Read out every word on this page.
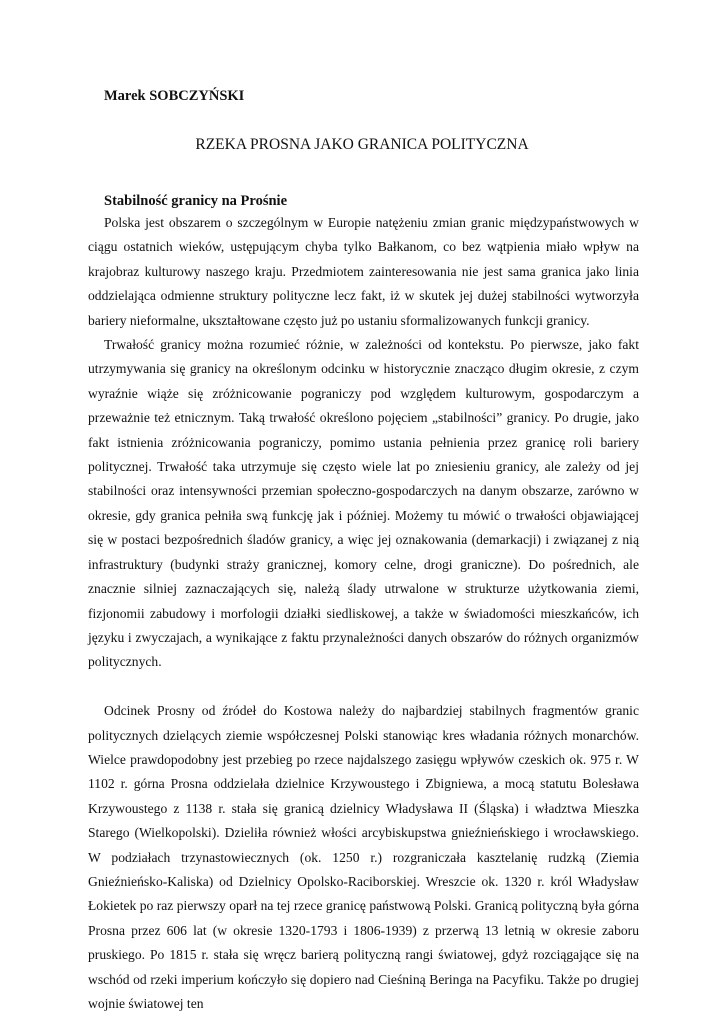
Marek SOBCZYŃSKI
RZEKA PROSNA JAKO GRANICA POLITYCZNA
Stabilność granicy na Prośnie

Polska jest obszarem o szczególnym w Europie natężeniu zmian granic międzypaństwowych w ciągu ostatnich wieków, ustępującym chyba tylko Bałkanom, co bez wątpienia miało wpływ na krajobraz kulturowy naszego kraju. Przedmiotem zainteresowania nie jest sama granica jako linia oddzielająca odmienne struktury polityczne lecz fakt, iż w skutek jej dużej stabilności wytworzyła bariery nieformalne, ukształtowane często już po ustaniu sformalizowanych funkcji granicy.

Trwałość granicy można rozumieć różnie, w zależności od kontekstu. Po pierwsze, jako fakt utrzymywania się granicy na określonym odcinku w historycznie znacząco długim okresie, z czym wyraźnie wiąże się zróżnicowanie pograniczy pod względem kulturowym, gospodarczym a przeważnie też etnicznym. Taką trwałość określono pojęciem „stabilności” granicy. Po drugie, jako fakt istnienia zróżnicowania pograniczy, pomimo ustania pełnienia przez granicę roli bariery politycznej. Trwałość taka utrzymuje się często wiele lat po zniesieniu granicy, ale zależy od jej stabilności oraz intensywności przemian społeczno-gospodarczych na danym obszarze, zarówno w okresie, gdy granica pełniła swą funkcję jak i później. Możemy tu mówić o trwałości objawiającej się w postaci bezpośrednich śladów granicy, a więc jej oznakowania (demarkacji) i związanej z nią infrastruktury (budynki straży granicznej, komory celne, drogi graniczne). Do pośrednich, ale znacznie silniej zaznaczających się, należą ślady utrwalone w strukturze użytkowania ziemi, fizjonomii zabudowy i morfologii działki siedliskowej, a także w świadomości mieszkańców, ich języku i zwyczajach, a wynikające z faktu przynależności danych obszarów do różnych organizmów politycznych.

Odcinek Prosny od źródeł do Kostowa należy do najbardziej stabilnych fragmentów granic politycznych dzielących ziemie współczesnej Polski stanowiąc kres władania różnych monarchów. Wielce prawdopodobny jest przebieg po rzece najdalszego zasięgu wpływów czeskich ok. 975 r. W 1102 r. górna Prosna oddzielała dzielnice Krzywoustego i Zbigniewa, a mocą statutu Bolesława Krzywoustego z 1138 r. stała się granicą dzielnicy Władysława II (Śląska) i władztwa Mieszka Starego (Wielkopolski). Dzieliła również włości arcybiskupstwa gnieźnieńskiego i wrocławskiego. W podziałach trzynastowiecznych (ok. 1250 r.) rozgraniczała kasztelanię rudzką (Ziemia Gnieźnieńsko-Kaliska) od Dzielnicy Opolsko-Raciborskiej. Wreszcie ok. 1320 r. król Władysław Łokietek po raz pierwszy oparł na tej rzece granicę państwową Polski. Granicą polityczną była górna Prosna przez 606 lat (w okresie 1320-1793 i 1806-1939) z przerwą 13 letnią w okresie zaboru pruskiego. Po 1815 r. stała się wręcz barierą polityczną rangi światowej, gdyż rozciągające się na wschód od rzeki imperium kończyło się dopiero nad Cieśniną Beringa na Pacyfiku. Także po drugiej wojnie światowej ten
